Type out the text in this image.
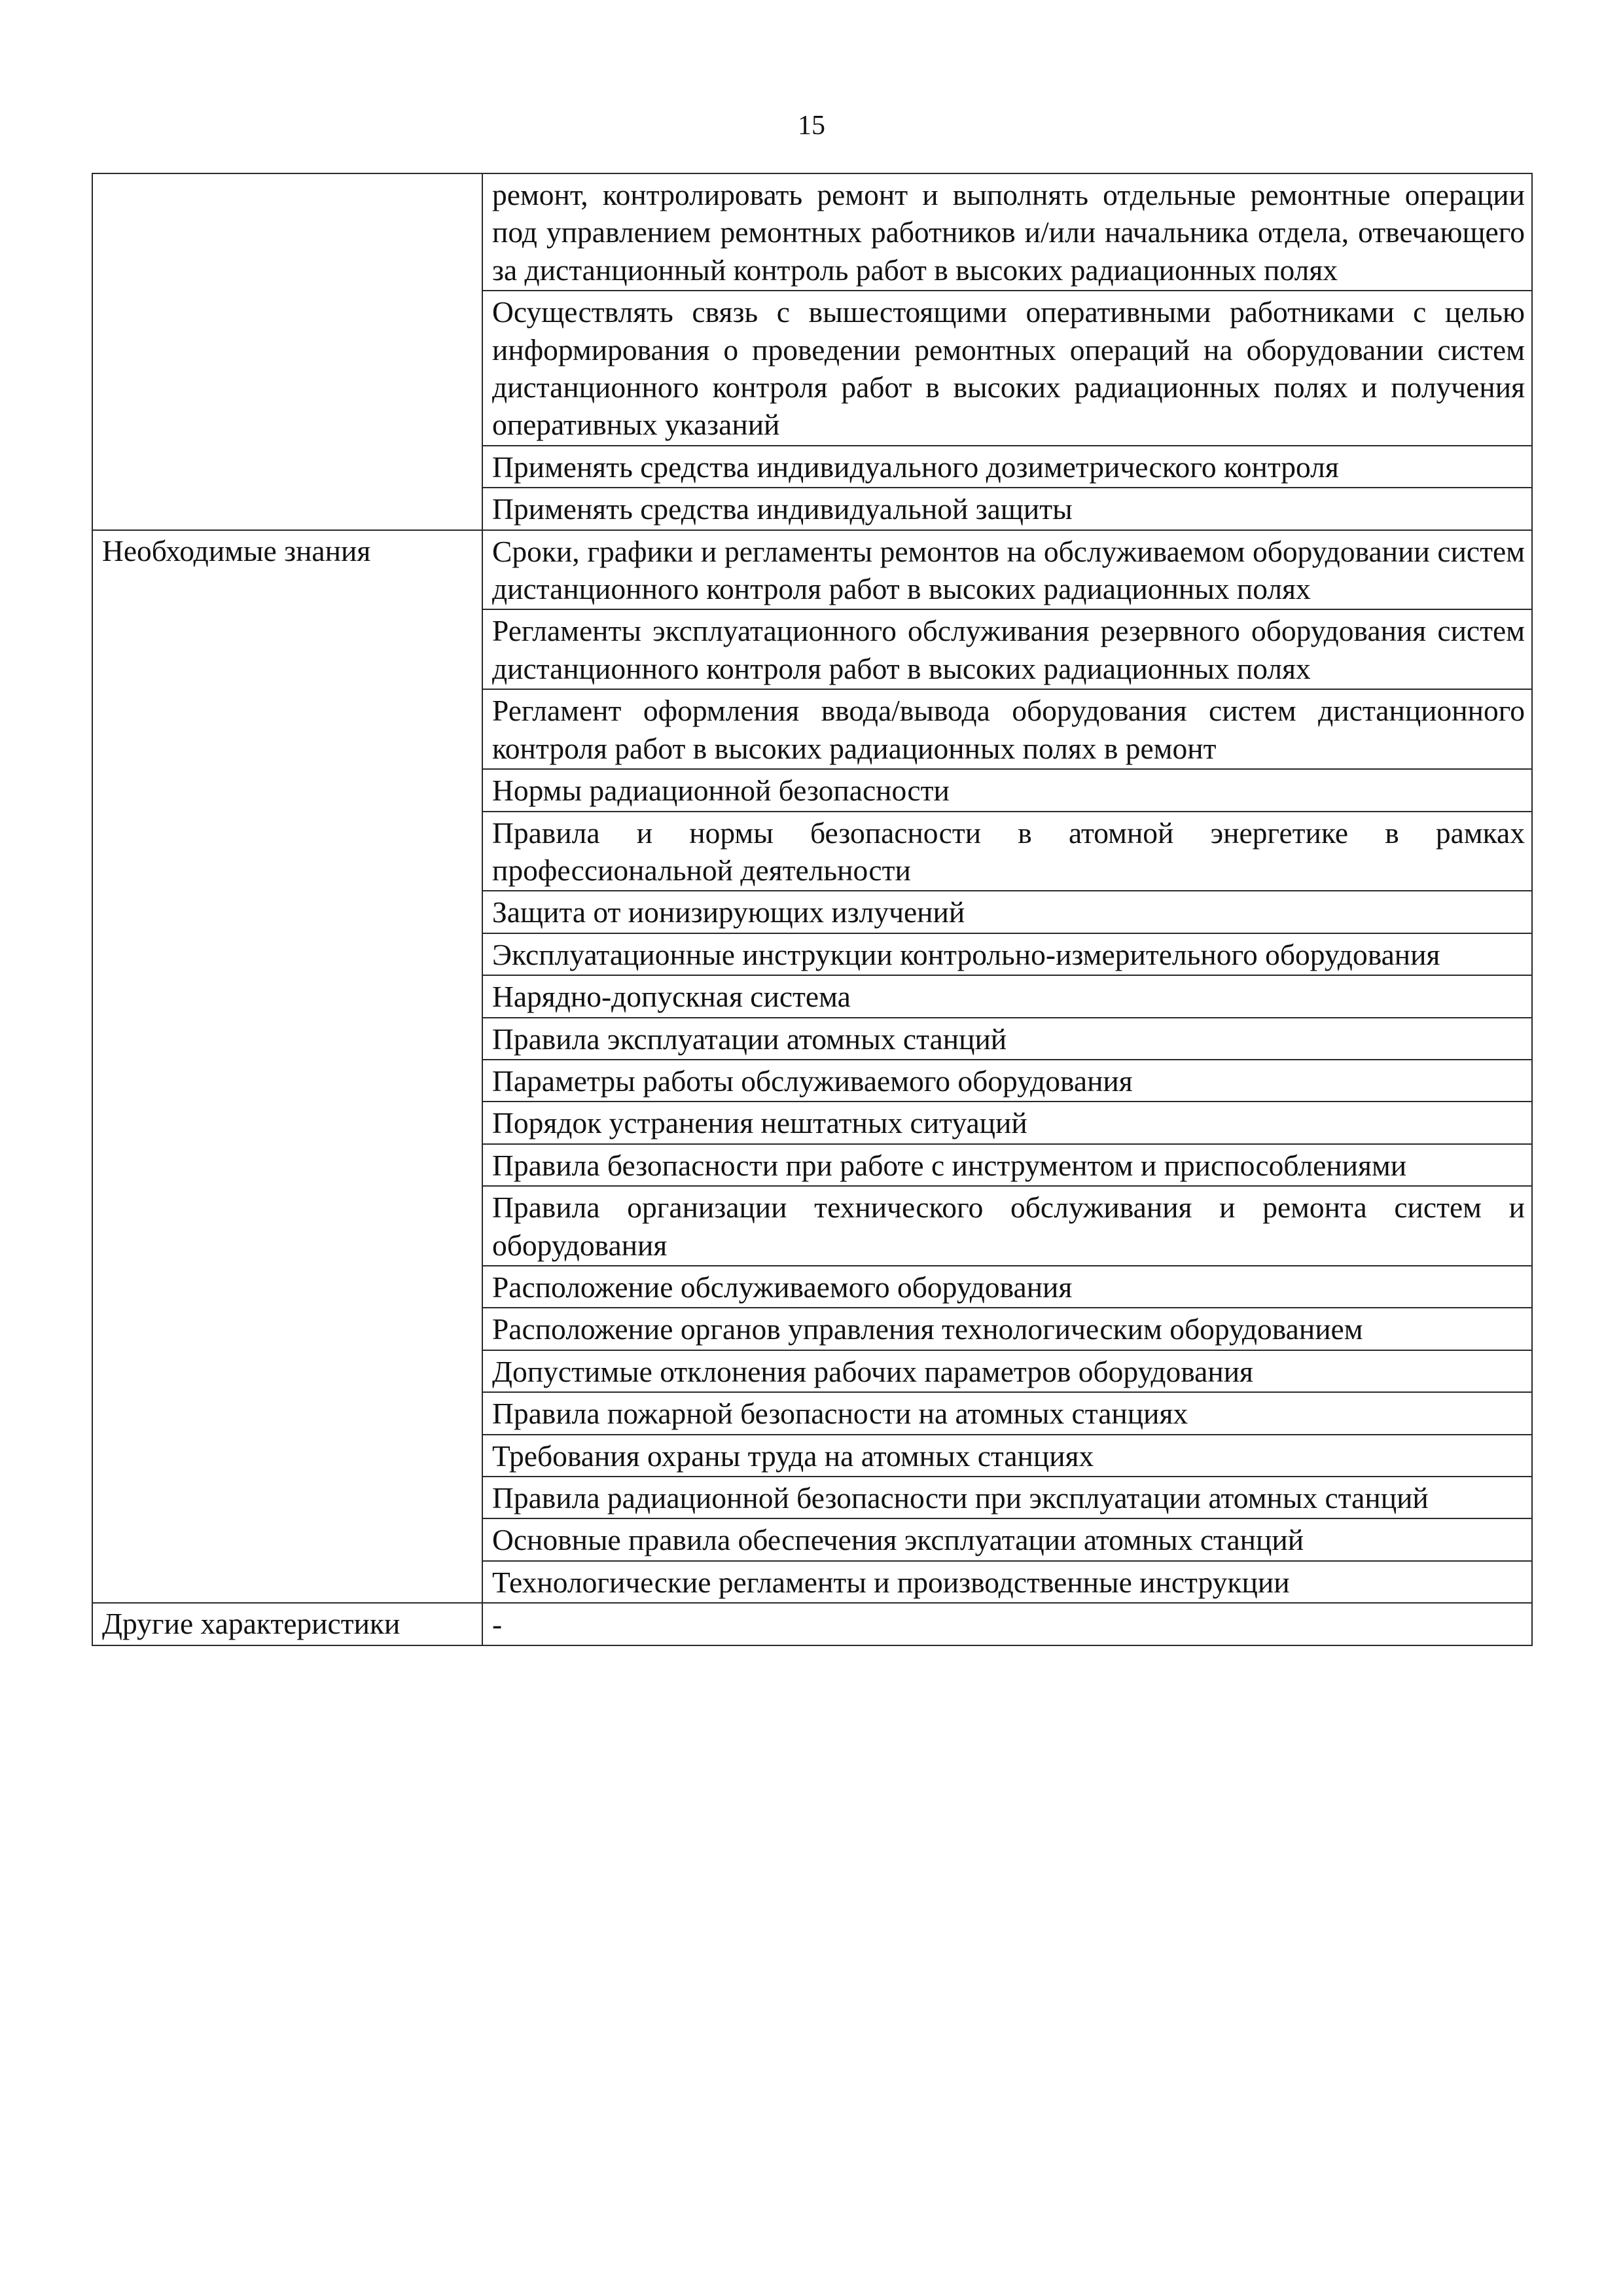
15
	ремонт, контролировать ремонт и выполнять отдельные ремонтные операции под управлением ремонтных работников и/или начальника отдела, отвечающего за дистанционный контроль работ в высоких радиационных полях
	Осуществлять связь с вышестоящими оперативными работниками с целью информирования о проведении ремонтных операций на оборудовании систем дистанционного контроля работ в высоких радиационных полях и получения оперативных указаний
	Применять средства индивидуального дозиметрического контроля
	Применять средства индивидуальной защиты
Необходимые знания	Сроки, графики и регламенты ремонтов на обслуживаемом оборудовании систем дистанционного контроля работ в высоких радиационных полях
	Регламенты эксплуатационного обслуживания резервного оборудования систем дистанционного контроля работ в высоких радиационных полях
	Регламент оформления ввода/вывода оборудования систем дистанционного контроля работ в высоких радиационных полях в ремонт
	Нормы радиационной безопасности
	Правила и нормы безопасности в атомной энергетике в рамках профессиональной деятельности
	Защита от ионизирующих излучений
	Эксплуатационные инструкции контрольно-измерительного оборудования
	Нарядно-допускная система
	Правила эксплуатации атомных станций
	Параметры работы обслуживаемого оборудования
	Порядок устранения нештатных ситуаций
	Правила безопасности при работе с инструментом и приспособлениями
	Правила организации технического обслуживания и ремонта систем и оборудования
	Расположение обслуживаемого оборудования
	Расположение органов управления технологическим оборудованием
	Допустимые отклонения рабочих параметров оборудования
	Правила пожарной безопасности на атомных станциях
	Требования охраны труда на атомных станциях
	Правила радиационной безопасности при эксплуатации атомных станций
	Основные правила обеспечения эксплуатации атомных станций
	Технологические регламенты и производственные инструкции
Другие характеристики	-
